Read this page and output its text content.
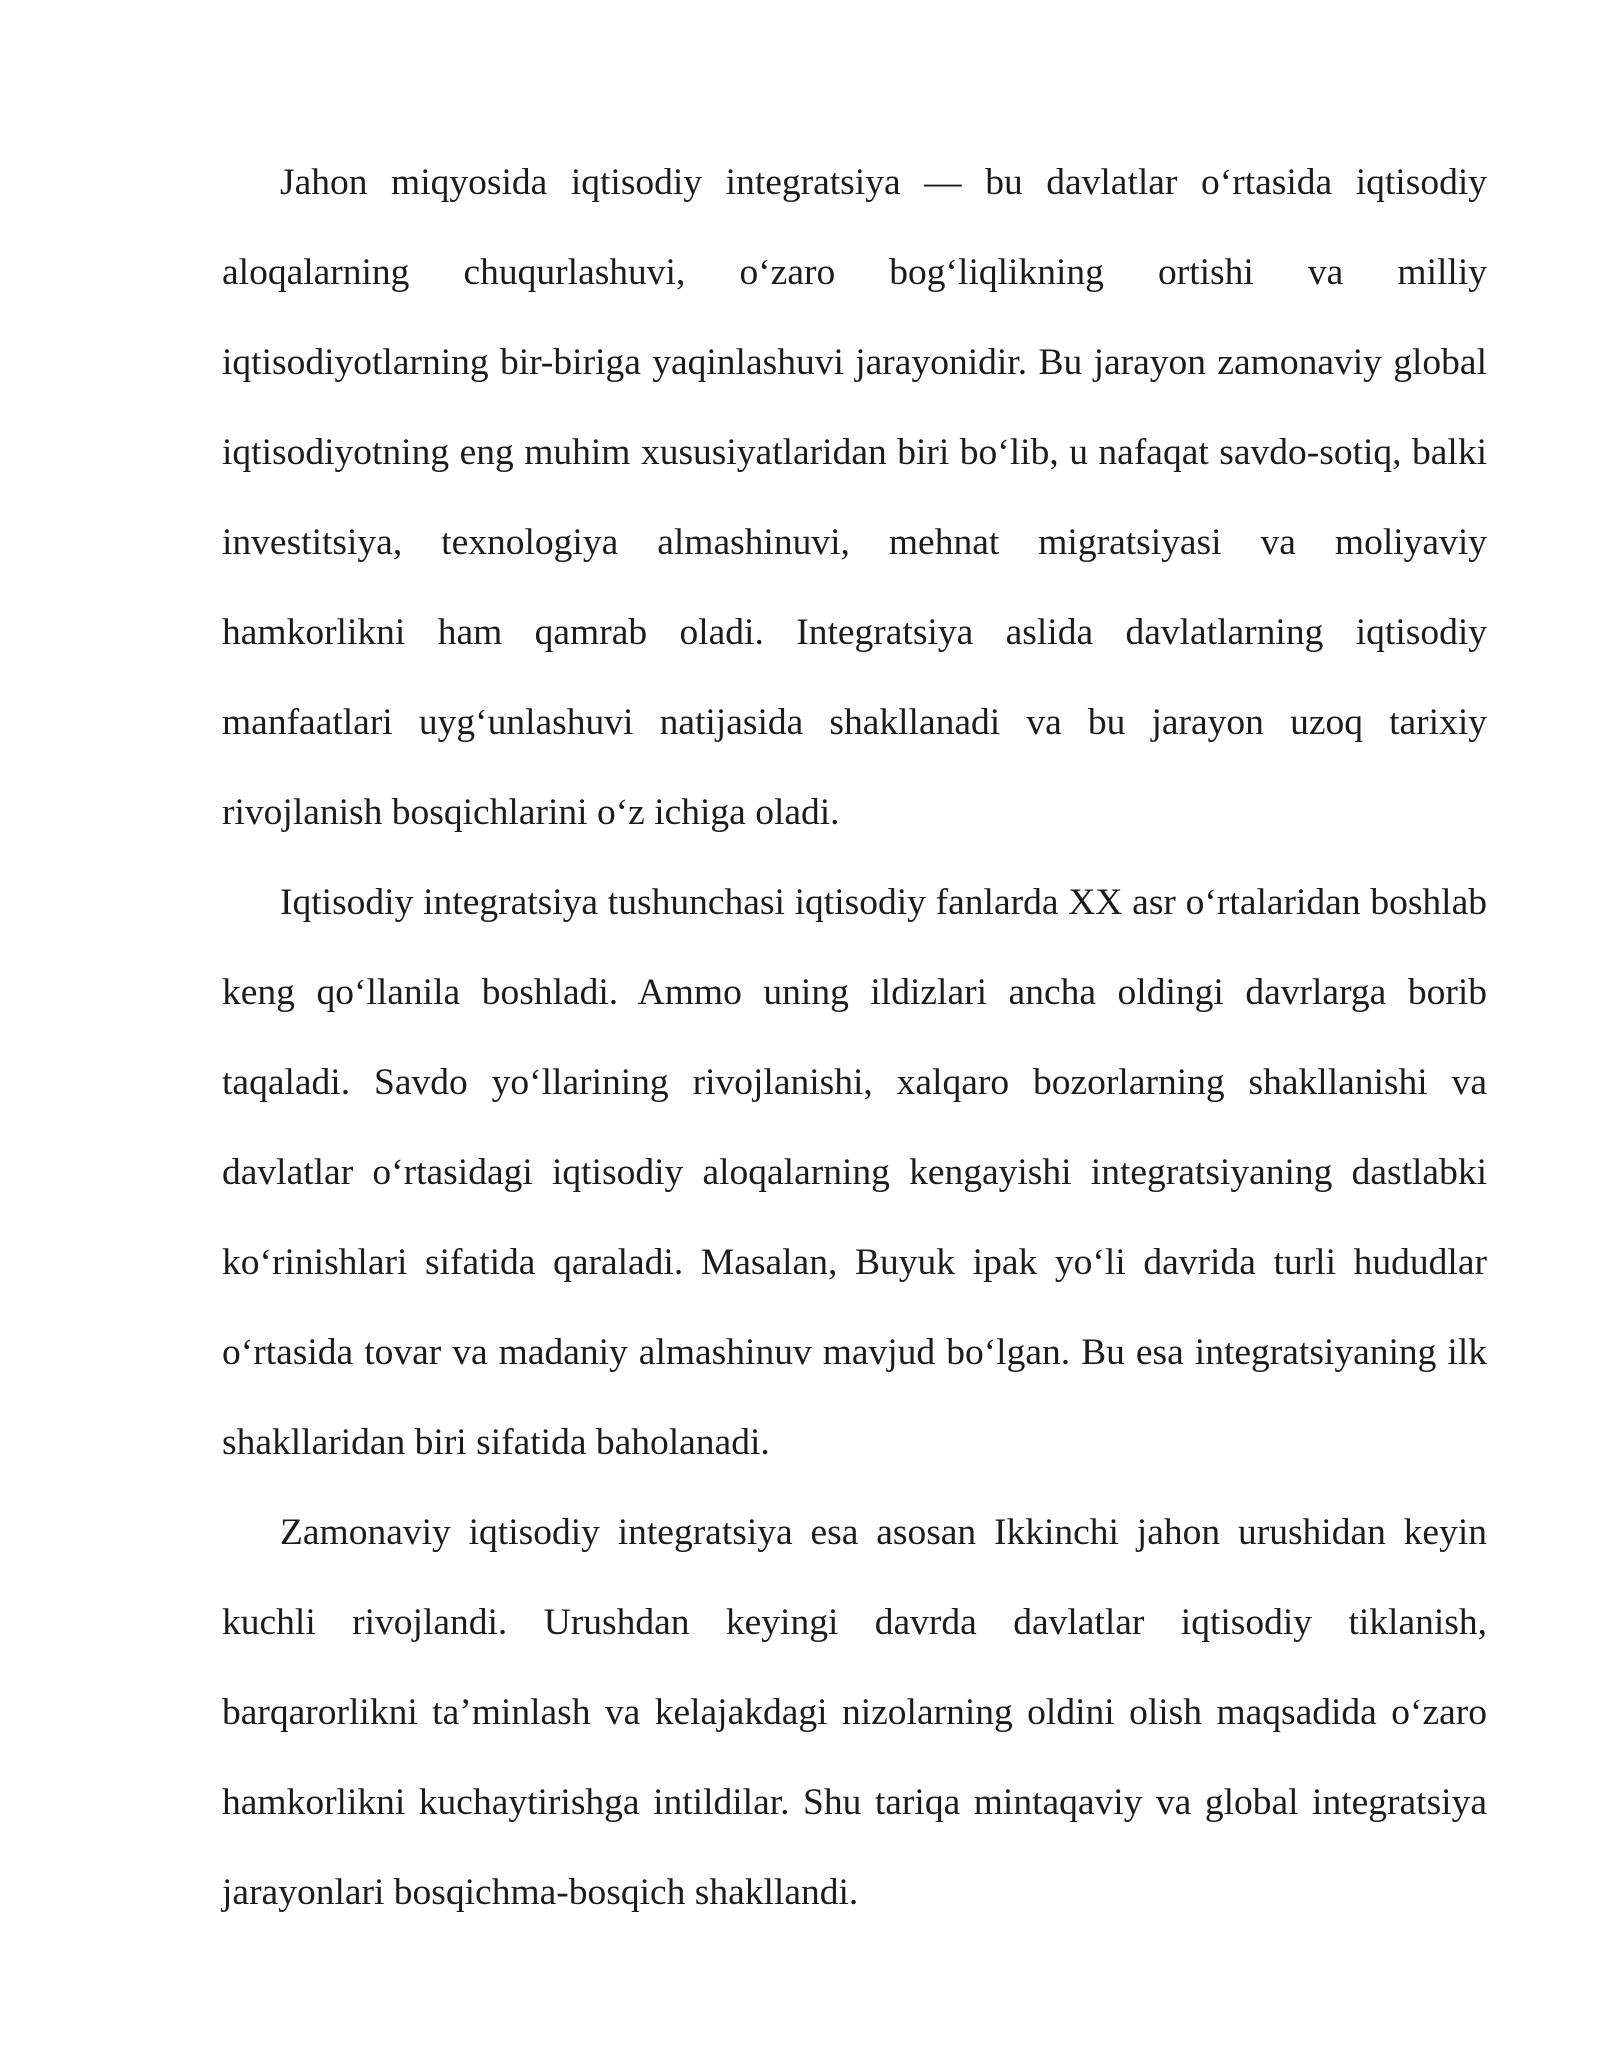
Jahon miqyosida iqtisodiy integratsiya — bu davlatlar o‘rtasida iqtisodiy aloqalarning chuqurlashuvi, o‘zaro bog‘liqlikning ortishi va milliy iqtisodiyotlarning bir-biriga yaqinlashuvi jarayonidir. Bu jarayon zamonaviy global iqtisodiyotning eng muhim xususiyatlaridan biri bo‘lib, u nafaqat savdo-sotiq, balki investitsiya, texnologiya almashinuvi, mehnat migratsiyasi va moliyaviy hamkorlikni ham qamrab oladi. Integratsiya aslida davlatlarning iqtisodiy manfaatlari uyg‘unlashuvi natijasida shakllanadi va bu jarayon uzoq tarixiy rivojlanish bosqichlarini o‘z ichiga oladi.

Iqtisodiy integratsiya tushunchasi iqtisodiy fanlarda XX asr o‘rtalaridan boshlab keng qo‘llanila boshladi. Ammo uning ildizlari ancha oldingi davrlarga borib taqaladi. Savdo yo‘llarining rivojlanishi, xalqaro bozorlarning shakllanishi va davlatlar o‘rtasidagi iqtisodiy aloqalarning kengayishi integratsiyaning dastlabki ko‘rinishlari sifatida qaraladi. Masalan, Buyuk ipak yo‘li davrida turli hududlar o‘rtasida tovar va madaniy almashinuv mavjud bo‘lgan. Bu esa integratsiyaning ilk shakllaridan biri sifatida baholanadi.

Zamonaviy iqtisodiy integratsiya esa asosan Ikkinchi jahon urushidan keyin kuchli rivojlandi. Urushdan keyingi davrda davlatlar iqtisodiy tiklanish, barqarorlikni ta’minlash va kelajakdagi nizolarning oldini olish maqsadida o‘zaro hamkorlikni kuchaytirishga intildilar. Shu tariqa mintaqaviy va global integratsiya jarayonlari bosqichma-bosqich shakllandi.
